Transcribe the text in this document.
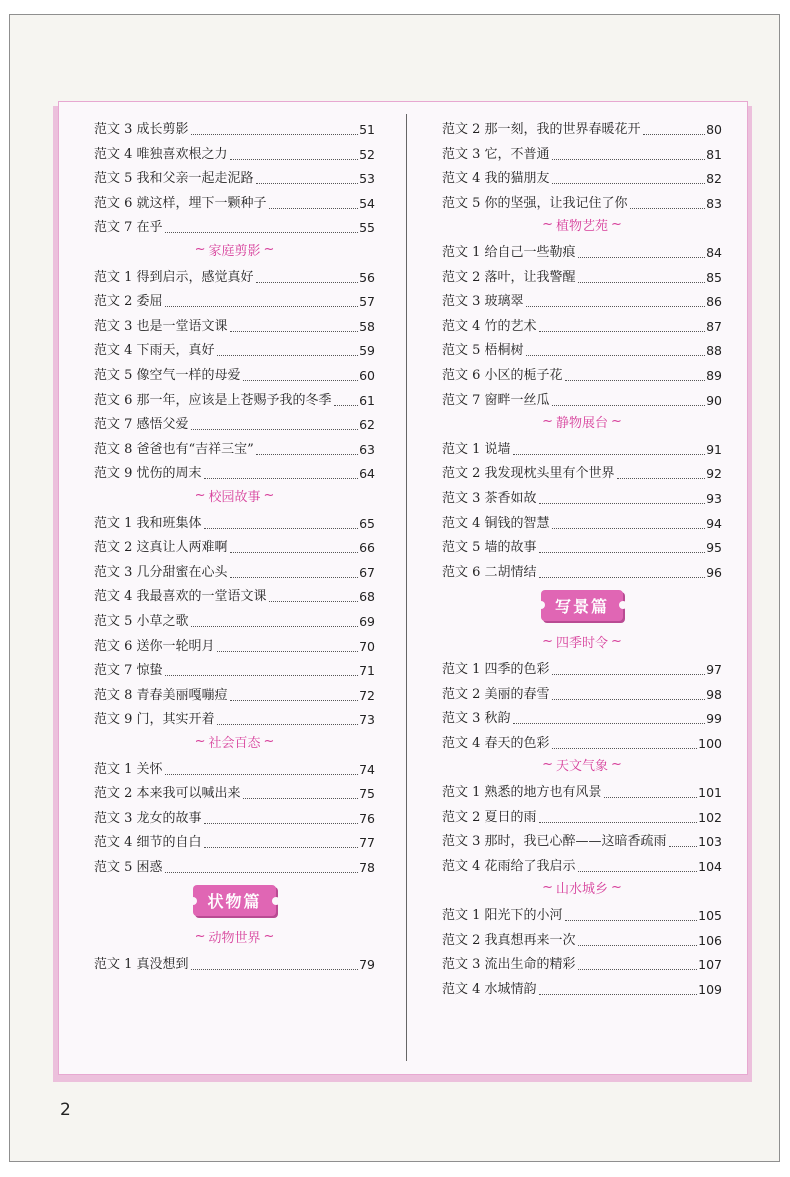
范文 3 成长剪影	51
范文 4 唯独喜欢根之力	52
范文 5 我和父亲一起走泥路	53
范文 6 就这样，埋下一颗种子	54
范文 7 在乎	55
~ 家庭剪影 ~
范文 1 得到启示，感觉真好	56
范文 2 委屈	57
范文 3 也是一堂语文课	58
范文 4 下雨天，真好	59
范文 5 像空气一样的母爱	60
范文 6 那一年，应该是上苍赐予我的冬季 61
范文 7 感悟父爱	62
范文 8 爸爸也有“吉祥三宝”	63
范文 9 忧伤的周末	64
~ 校园故事 ~
范文 1 我和班集体	65
范文 2 这真让人两难啊	66
范文 3 几分甜蜜在心头	67
范文 4 我最喜欢的一堂语文课	68
范文 5 小草之歌	69
范文 6 送你一轮明月	70
范文 7 惊蛰	71
范文 8 青春美丽嘎嘣痘	72
范文 9 门，其实开着	73
~ 社会百态 ~
范文 1 关怀	74
范文 2 本来我可以喊出来	75
范文 3 龙女的故事	76
范文 4 细节的自白	77
范文 5 困惑	78
状物篇
~ 动物世界 ~
范文 1 真没想到	79
范文 2 那一刻，我的世界春暖花开	80
范文 3 它，不普通	81
范文 4 我的猫朋友	82
范文 5 你的坚强，让我记住了你	83
~ 植物艺苑 ~
范文 1 给自己一些勒痕	84
范文 2 落叶，让我警醒	85
范文 3 玻璃翠	86
范文 4 竹的艺术	87
范文 5 梧桐树	88
范文 6 小区的栀子花	89
范文 7 窗畔一丝瓜	90
~ 静物展台 ~
范文 1 说墙	91
范文 2 我发现枕头里有个世界	92
范文 3 茶香如故	93
范文 4 铜钱的智慧	94
范文 5 墙的故事	95
范文 6 二胡情结	96
写景篇
~ 四季时令 ~
范文 1 四季的色彩	97
范文 2 美丽的春雪	98
范文 3 秋韵	99
范文 4 春天的色彩	100
~ 天文气象 ~
范文 1 熟悉的地方也有风景	101
范文 2 夏日的雨	102
范文 3 那时，我已心醉——这暗香疏雨	103
范文 4 花雨给了我启示	104
~ 山水城乡 ~
范文 1 阳光下的小河	105
范文 2 我真想再来一次	106
范文 3 流出生命的精彩	107
范文 4 水城情韵	109
2
